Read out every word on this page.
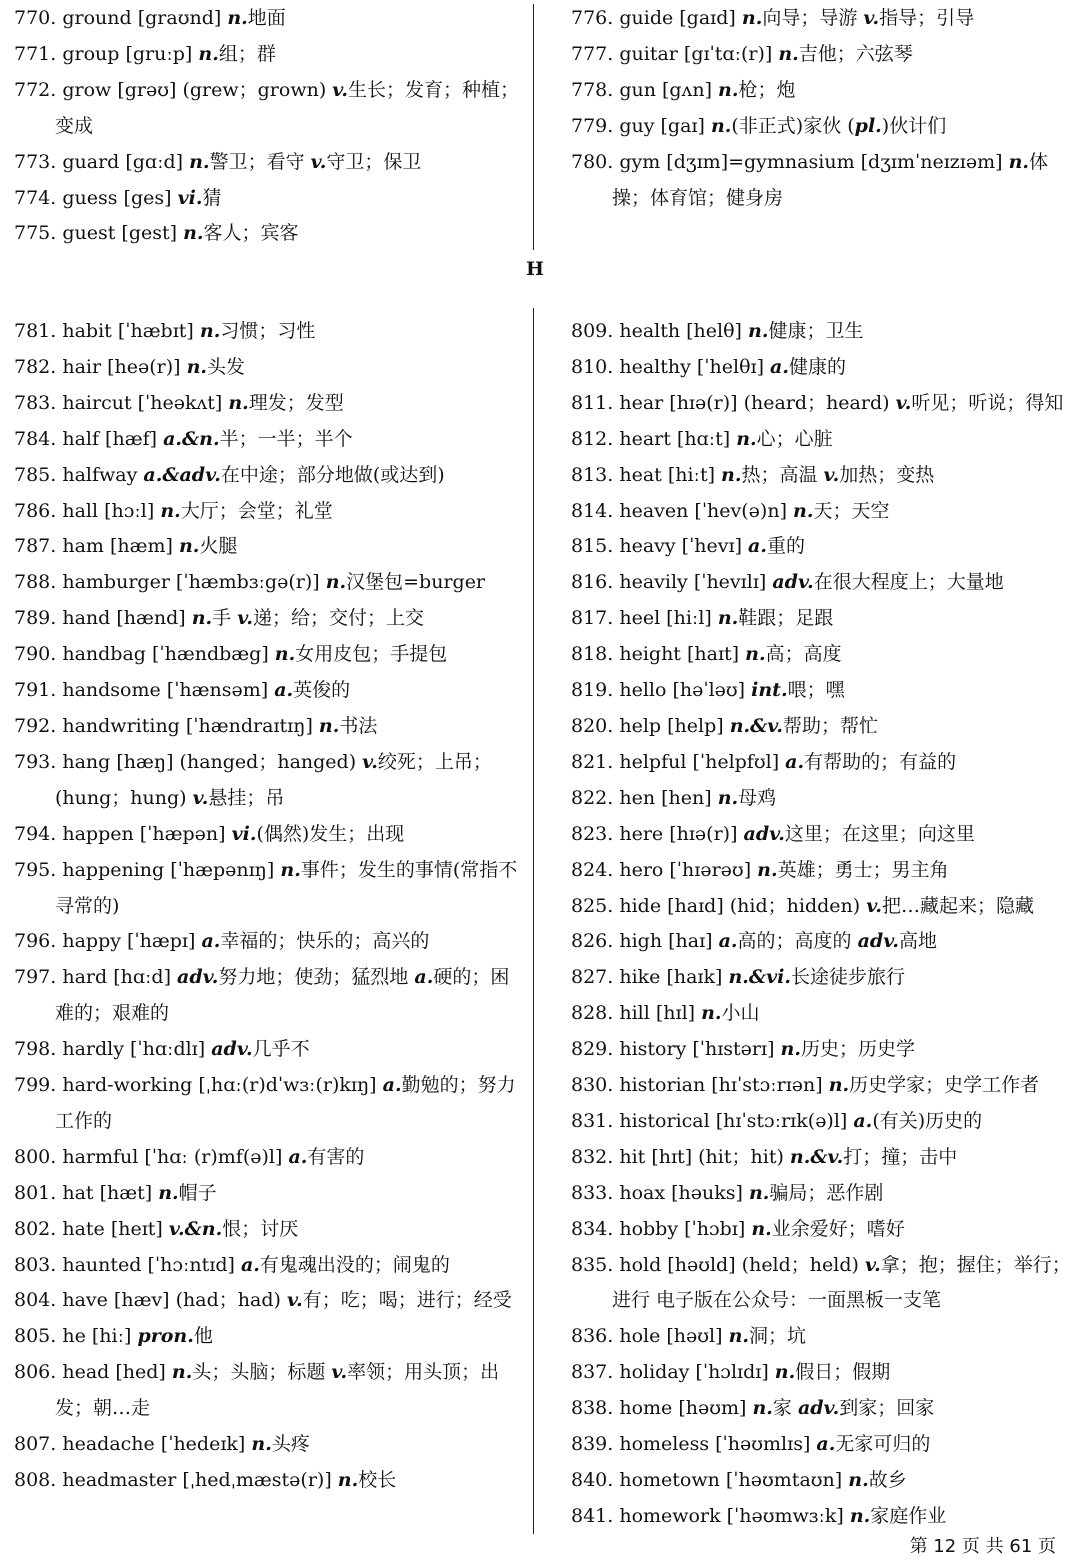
770. ground [graʊnd] n.地面
771. group [gruːp] n.组；群
772. grow [grəʊ] (grew；grown) v.生长；发育；种植；变成
773. guard [gɑːd] n.警卫；看守 v.守卫；保卫
774. guess [ges] vi.猜
775. guest [gest] n.客人；宾客
776. guide [gaɪd] n.向导；导游 v.指导；引导
777. guitar [gɪˈtɑː(r)] n.吉他；六弦琴
778. gun [gʌn] n.枪；炮
779. guy [gaɪ] n.(非正式)家伙 (pl.)伙计们
780. gym [dʒɪm]=gymnasium [dʒɪmˈneɪzɪəm] n.体操；体育馆；健身房
H
781. habit [ˈhæbɪt] n.习惯；习性
782. hair [heə(r)] n.头发
783. haircut [ˈheəkʌt] n.理发；发型
784. half [hæf] a.&n.半；一半；半个
785. halfway a.&adv.在中途；部分地做(或达到)
786. hall [hɔːl] n.大厅；会堂；礼堂
787. ham [hæm] n.火腿
788. hamburger [ˈhæmbɜːgə(r)] n.汉堡包=burger
789. hand [hænd] n.手 v.递；给；交付；上交
790. handbag [ˈhændbæg] n.女用皮包；手提包
791. handsome [ˈhænsəm] a.英俊的
792. handwriting [ˈhændraɪtɪŋ] n.书法
793. hang [hæŋ] (hanged；hanged) v.绞死；上吊；(hung；hung) v.悬挂；吊
794. happen [ˈhæpən] vi.(偶然)发生；出现
795. happening [ˈhæpənɪŋ] n.事件；发生的事情(常指不寻常的)
796. happy [ˈhæpɪ] a.幸福的；快乐的；高兴的
797. hard [hɑːd] adv.努力地；使劲；猛烈地 a.硬的；困难的；艰难的
798. hardly [ˈhɑːdlɪ] adv.几乎不
799. hard-working [ˌhɑː(r)dˈwɜː(r)kɪŋ] a.勤勉的；努力工作的
800. harmful [ˈhɑː (r)mf(ə)l] a.有害的
801. hat [hæt] n.帽子
802. hate [heɪt] v.&n.恨；讨厌
803. haunted [ˈhɔːntɪd] a.有鬼魂出没的；闹鬼的
804. have [hæv] (had；had) v.有；吃；喝；进行；经受
805. he [hiː] pron.他
806. head [hed] n.头；头脑；标题 v.率领；用头顶；出发；朝…走
807. headache [ˈhedeɪk] n.头疼
808. headmaster [ˌhedˌmæstə(r)] n.校长
809. health [helθ] n.健康；卫生
810. healthy [ˈhelθɪ] a.健康的
811. hear [hɪə(r)] (heard；heard) v.听见；听说；得知
812. heart [hɑːt] n.心；心脏
813. heat [hiːt] n.热；高温 v.加热；变热
814. heaven [ˈhev(ə)n] n.天；天空
815. heavy [ˈhevɪ] a.重的
816. heavily [ˈhevɪlɪ] adv.在很大程度上；大量地
817. heel [hiːl] n.鞋跟；足跟
818. height [haɪt] n.高；高度
819. hello [həˈləʊ] int.喂；嘿
820. help [help] n.&v.帮助；帮忙
821. helpful [ˈhelpfʊl] a.有帮助的；有益的
822. hen [hen] n.母鸡
823. here [hɪə(r)] adv.这里；在这里；向这里
824. hero [ˈhɪərəʊ] n.英雄；勇士；男主角
825. hide [haɪd] (hid；hidden) v.把…藏起来；隐藏
826. high [haɪ] a.高的；高度的 adv.高地
827. hike [haɪk] n.&vi.长途徒步旅行
828. hill [hɪl] n.小山
829. history [ˈhɪstərɪ] n.历史；历史学
830. historian [hɪˈstɔːrɪən] n.历史学家；史学工作者
831. historical [hɪˈstɔːrɪk(ə)l] a.(有关)历史的
832. hit [hɪt] (hit；hit) n.&v.打；撞；击中
833. hoax [həuks] n.骗局；恶作剧
834. hobby [ˈhɔbɪ] n.业余爱好；嗜好
835. hold [həʊld] (held；held) v.拿；抱；握住；举行；进行 电子版在公众号：一面黑板一支笔
836. hole [həʊl] n.洞；坑
837. holiday [ˈhɔlɪdɪ] n.假日；假期
838. home [həʊm] n.家 adv.到家；回家
839. homeless [ˈhəʊmlɪs] a.无家可归的
840. hometown [ˈhəʊmtaʊn] n.故乡
841. homework [ˈhəʊmwɜːk] n.家庭作业
第 12 页 共 61 页
